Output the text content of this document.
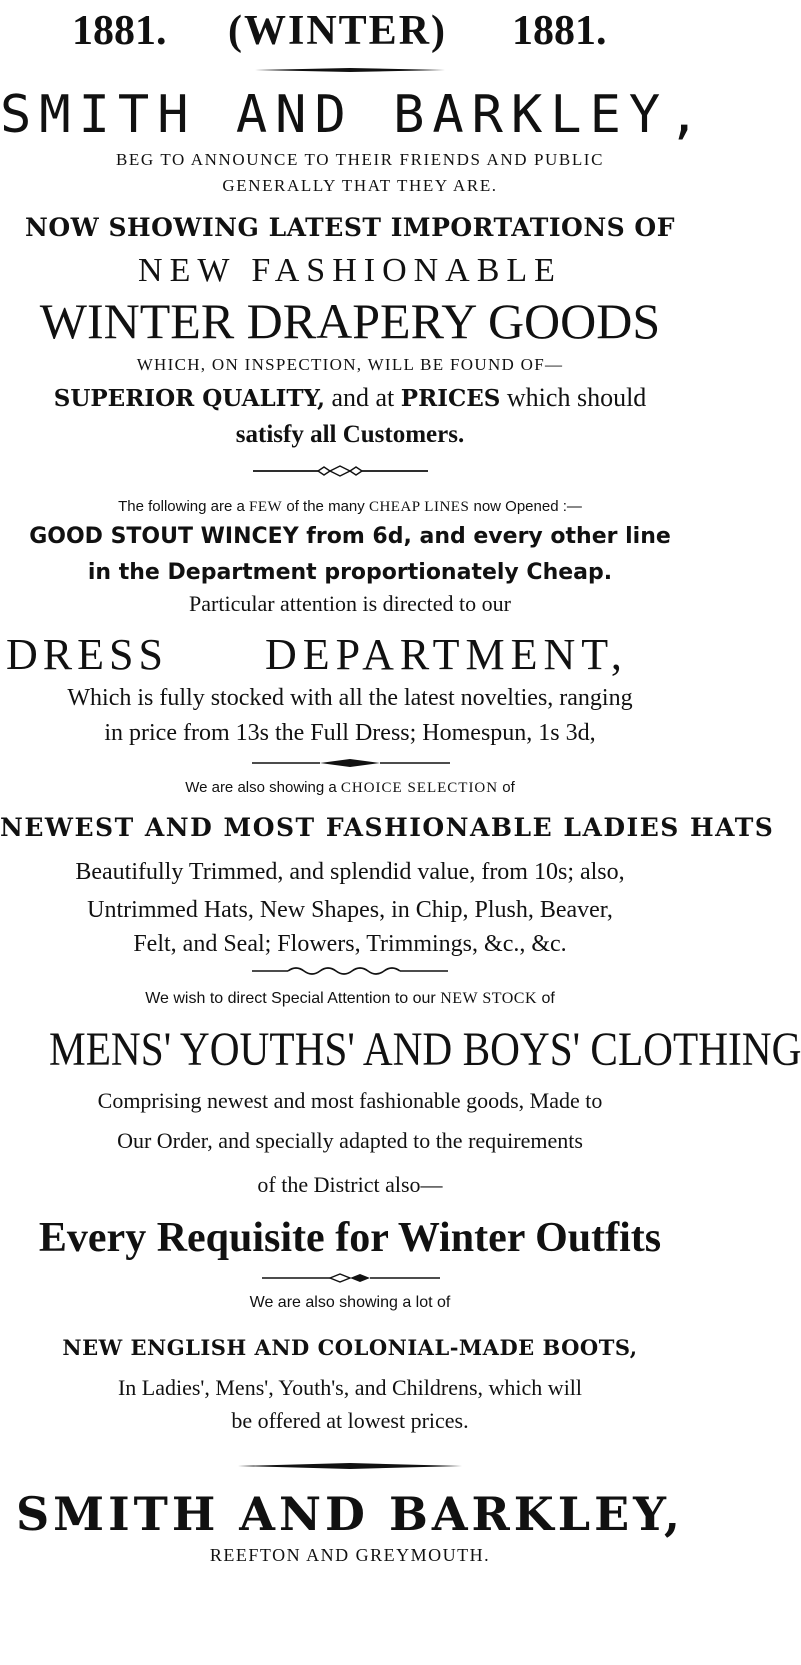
1881. (WINTER) 1881.
SMITH AND BARKLEY,
BEG TO ANNOUNCE TO THEIR FRIENDS AND PUBLIC
GENERALLY THAT THEY ARE.
NOW SHOWING LATEST IMPORTATIONS OF
NEW FASHIONABLE
WINTER DRAPERY GOODS
WHICH, ON INSPECTION, WILL BE FOUND OF—
SUPERIOR QUALITY, and at PRICES which should
satisfy all Customers.
The following are a FEW of the many CHEAP LINES now Opened :—
GOOD STOUT WINCEY from 6d, and every other line
in the Department proportionately Cheap.
Particular attention is directed to our
DRESS DEPARTMENT,
Which is fully stocked with all the latest novelties, ranging
in price from 13s the Full Dress; Homespun, 1s 3d,
We are also showing a CHOICE SELECTION of
NEWEST AND MOST FASHIONABLE LADIES HATS
Beautifully Trimmed, and splendid value, from 10s; also,
Untrimmed Hats, New Shapes, in Chip, Plush, Beaver,
Felt, and Seal; Flowers, Trimmings, &c., &c.
We wish to direct Special Attention to our NEW STOCK of
MENS' YOUTHS' AND BOYS' CLOTHING
Comprising newest and most fashionable goods, Made to
Our Order, and specially adapted to the requirements
of the District also—
Every Requisite for Winter Outfits
We are also showing a lot of
NEW ENGLISH AND COLONIAL-MADE BOOTS,
In Ladies', Mens', Youth's, and Childrens, which will
be offered at lowest prices.
SMITH AND BARKLEY,
REEFTON AND GREYMOUTH.
